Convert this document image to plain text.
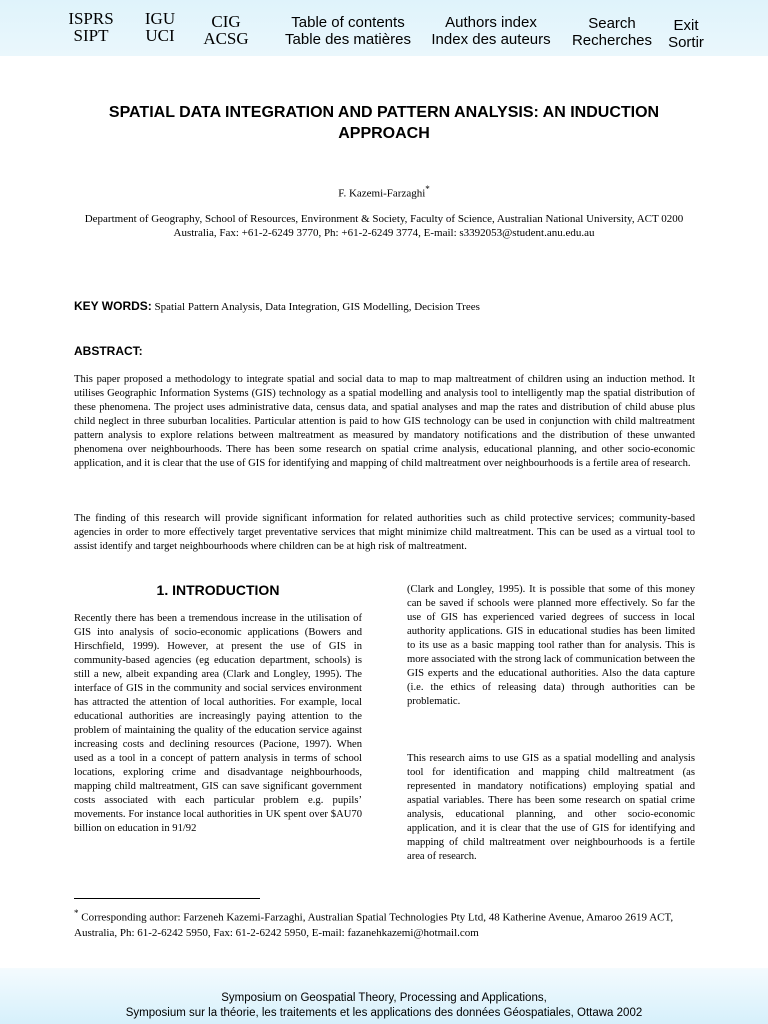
ISPRS
SIPT
IGU
UCI
CIG
ACSG
Table of contents
Table des matières
Authors index
Index des auteurs
Search
Recherches
Exit
Sortir
SPATIAL DATA INTEGRATION AND PATTERN ANALYSIS: AN INDUCTION APPROACH
F. Kazemi-Farzaghi*
Department of Geography, School of Resources, Environment & Society, Faculty of Science, Australian National University, ACT 0200 Australia, Fax: +61-2-6249 3770, Ph: +61-2-6249 3774, E-mail: s3392053@student.anu.edu.au
KEY WORDS: Spatial Pattern Analysis, Data Integration, GIS Modelling, Decision Trees
ABSTRACT:
This paper proposed a methodology to integrate spatial and social data to map to map maltreatment of children using an induction method. It utilises Geographic Information Systems (GIS) technology as a spatial modelling and analysis tool to intelligently map the spatial distribution of these phenomena. The project uses administrative data, census data, and spatial analyses and map the rates and distribution of child abuse plus child neglect in three suburban localities. Particular attention is paid to how GIS technology can be used in conjunction with child maltreatment pattern analysis to explore relations between maltreatment as measured by mandatory notifications and the distribution of these unwanted phenomena over neighbourhoods. There has been some research on spatial crime analysis, educational planning, and other socio-economic application, and it is clear that the use of GIS for identifying and mapping of child maltreatment over neighbourhoods is a fertile area of research.
The finding of this research will provide significant information for related authorities such as child protective services; community-based agencies in order to more effectively target preventative services that might minimize child maltreatment. This can be used as a virtual tool to assist identify and target neighbourhoods where children can be at high risk of maltreatment.
1. INTRODUCTION
Recently there has been a tremendous increase in the utilisation of GIS into analysis of socio-economic applications (Bowers and Hirschfield, 1999). However, at present the use of GIS in community-based agencies (eg education department, schools) is still a new, albeit expanding area (Clark and Longley, 1995). The interface of GIS in the community and social services environment has attracted the attention of local authorities. For example, local educational authorities are increasingly paying attention to the problem of maintaining the quality of the education service against increasing costs and declining resources (Pacione, 1997). When used as a tool in a concept of pattern analysis in terms of school locations, exploring crime and disadvantage neighbourhoods, mapping child maltreatment, GIS can save significant government costs associated with each particular problem e.g. pupils’ movements. For instance local authorities in UK spent over $AU70 billion on education in 91/92
(Clark and Longley, 1995). It is possible that some of this money can be saved if schools were planned more effectively. So far the use of GIS has experienced varied degrees of success in local authority applications. GIS in educational studies has been limited to its use as a basic mapping tool rather than for analysis. This is more associated with the strong lack of communication between the GIS experts and the educational authorities. Also the data capture (i.e. the ethics of releasing data) through authorities can be problematic.
This research aims to use GIS as a spatial modelling and analysis tool for identification and mapping child maltreatment (as represented in mandatory notifications) employing spatial and aspatial variables. There has been some research on spatial crime analysis, educational planning, and other socio-economic application, and it is clear that the use of GIS for identifying and mapping of child maltreatment over neighbourhoods is a fertile area of research.
* Corresponding author: Farzeneh Kazemi-Farzaghi, Australian Spatial Technologies Pty Ltd, 48 Katherine Avenue, Amaroo 2619 ACT, Australia, Ph: 61-2-6242 5950, Fax: 61-2-6242 5950, E-mail: fazanehkazemi@hotmail.com
Symposium on Geospatial Theory, Processing and Applications,
Symposium sur la théorie, les traitements et les applications des données Géospatiales, Ottawa 2002
